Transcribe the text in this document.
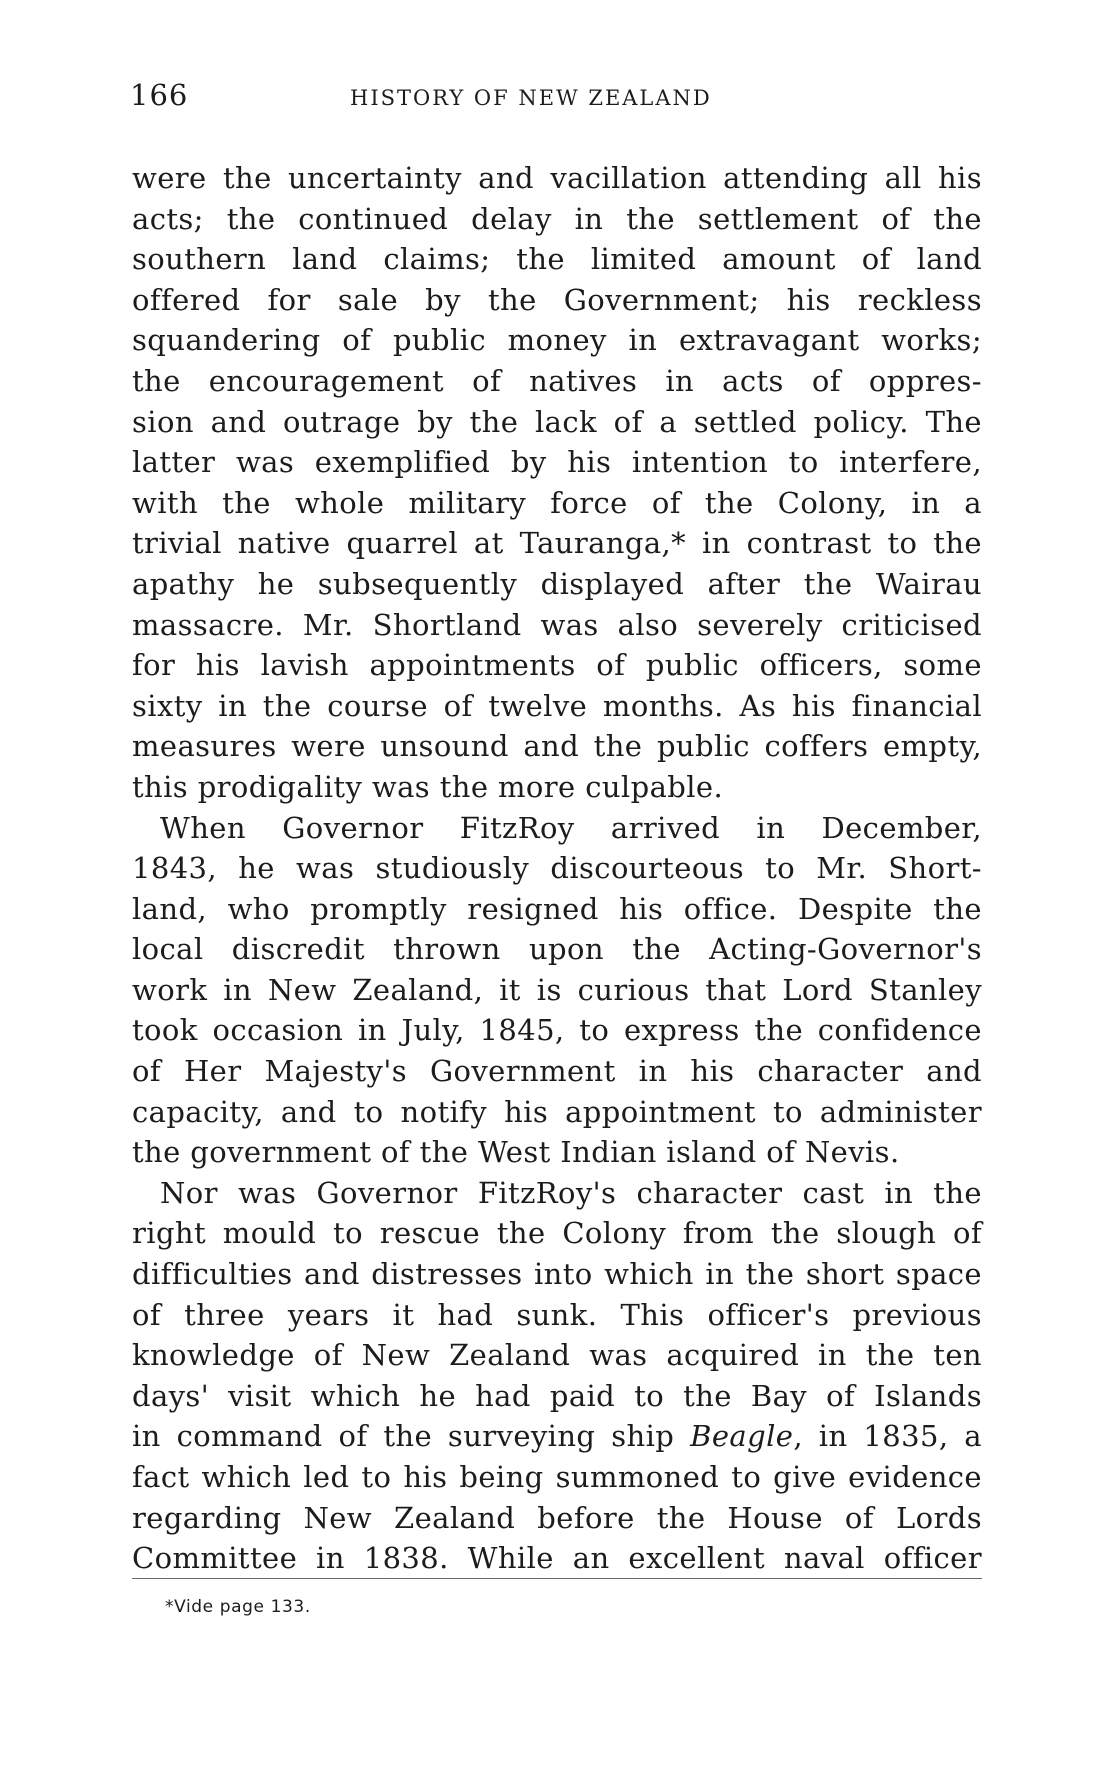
166	HISTORY OF NEW ZEALAND
were the uncertainty and vacillation attending all his
acts; the continued delay in the settlement of the
southern land claims; the limited amount of land
offered for sale by the Government; his reckless
squandering of public money in extravagant works;
the encouragement of natives in acts of oppres-
sion and outrage by the lack of a settled policy. The
latter was exemplified by his intention to interfere,
with the whole military force of the Colony, in a
trivial native quarrel at Tauranga,* in contrast to the
apathy he subsequently displayed after the Wairau
massacre. Mr. Shortland was also severely criticised
for his lavish appointments of public officers, some
sixty in the course of twelve months. As his financial
measures were unsound and the public coffers empty,
this prodigality was the more culpable.
When Governor FitzRoy arrived in December,
1843, he was studiously discourteous to Mr. Short-
land, who promptly resigned his office. Despite the
local discredit thrown upon the Acting-Governor's
work in New Zealand, it is curious that Lord Stanley
took occasion in July, 1845, to express the confidence
of Her Majesty's Government in his character and
capacity, and to notify his appointment to administer
the government of the West Indian island of Nevis.
Nor was Governor FitzRoy's character cast in the
right mould to rescue the Colony from the slough of
difficulties and distresses into which in the short space
of three years it had sunk. This officer's previous
knowledge of New Zealand was acquired in the ten
days' visit which he had paid to the Bay of Islands
in command of the surveying ship Beagle, in 1835, a
fact which led to his being summoned to give evidence
regarding New Zealand before the House of Lords
Committee in 1838. While an excellent naval officer
*Vide page 133.
